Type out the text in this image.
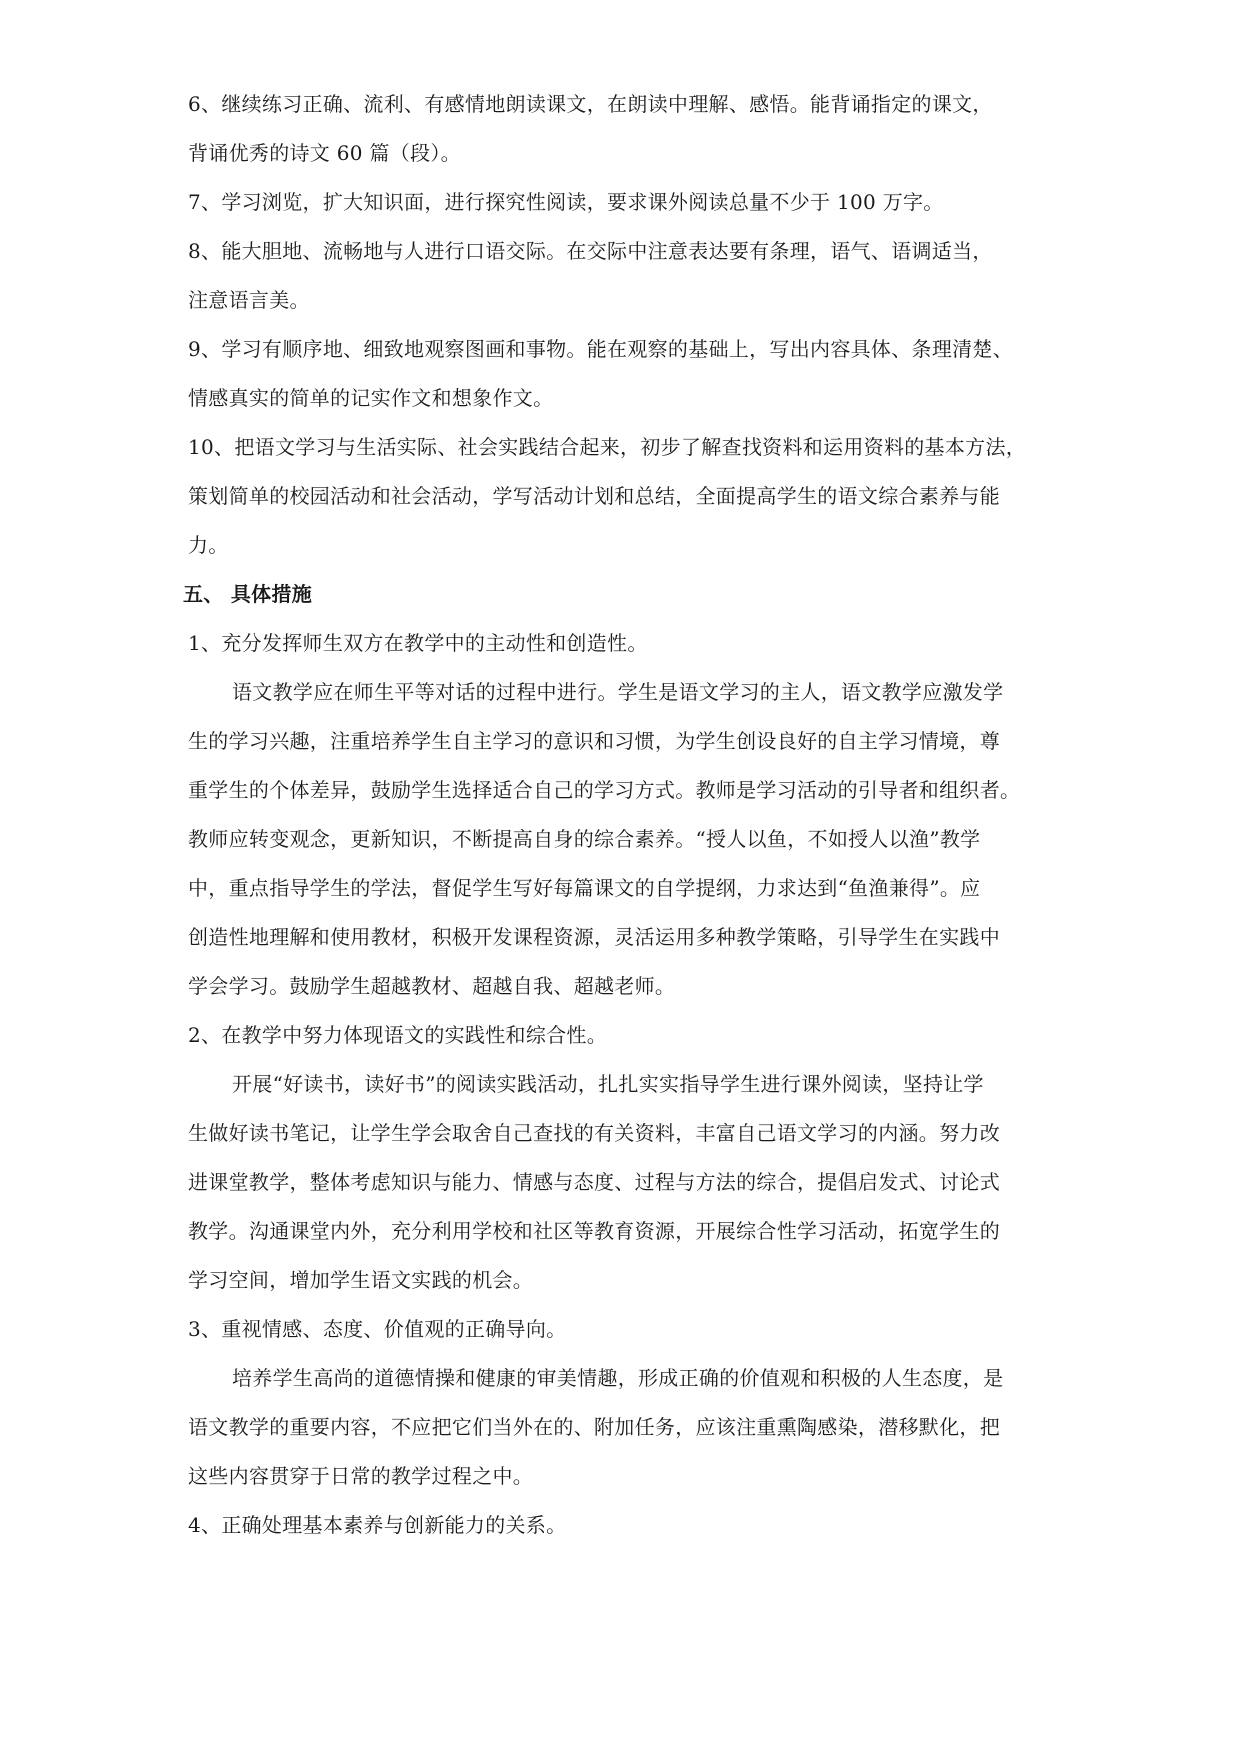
6、继续练习正确、流利、有感情地朗读课文，在朗读中理解、感悟。能背诵指定的课文，
背诵优秀的诗文 60 篇（段）。
7、学习浏览，扩大知识面，进行探究性阅读，要求课外阅读总量不少于 100 万字。
8、能大胆地、流畅地与人进行口语交际。在交际中注意表达要有条理，语气、语调适当，
注意语言美。
9、学习有顺序地、细致地观察图画和事物。能在观察的基础上，写出内容具体、条理清楚、
情感真实的简单的记实作文和想象作文。
10、把语文学习与生活实际、社会实践结合起来，初步了解查找资料和运用资料的基本方法，
策划简单的校园活动和社会活动，学写活动计划和总结，全面提高学生的语文综合素养与能
力。
五、 具体措施
1、充分发挥师生双方在教学中的主动性和创造性。
语文教学应在师生平等对话的过程中进行。学生是语文学习的主人，语文教学应激发学
生的学习兴趣，注重培养学生自主学习的意识和习惯，为学生创设良好的自主学习情境，尊
重学生的个体差异，鼓励学生选择适合自己的学习方式。教师是学习活动的引导者和组织者。
教师应转变观念，更新知识，不断提高自身的综合素养。“授人以鱼，不如授人以渔”教学
中，重点指导学生的学法，督促学生写好每篇课文的自学提纲，力求达到“鱼渔兼得”。应
创造性地理解和使用教材，积极开发课程资源，灵活运用多种教学策略，引导学生在实践中
学会学习。鼓励学生超越教材、超越自我、超越老师。
2、在教学中努力体现语文的实践性和综合性。
开展“好读书，读好书”的阅读实践活动，扎扎实实指导学生进行课外阅读，坚持让学
生做好读书笔记，让学生学会取舍自己查找的有关资料，丰富自己语文学习的内涵。努力改
进课堂教学，整体考虑知识与能力、情感与态度、过程与方法的综合，提倡启发式、讨论式
教学。沟通课堂内外，充分利用学校和社区等教育资源，开展综合性学习活动，拓宽学生的
学习空间，增加学生语文实践的机会。
3、重视情感、态度、价值观的正确导向。
培养学生高尚的道德情操和健康的审美情趣，形成正确的价值观和积极的人生态度，是
语文教学的重要内容，不应把它们当外在的、附加任务，应该注重熏陶感染，潜移默化，把
这些内容贯穿于日常的教学过程之中。
4、正确处理基本素养与创新能力的关系。
